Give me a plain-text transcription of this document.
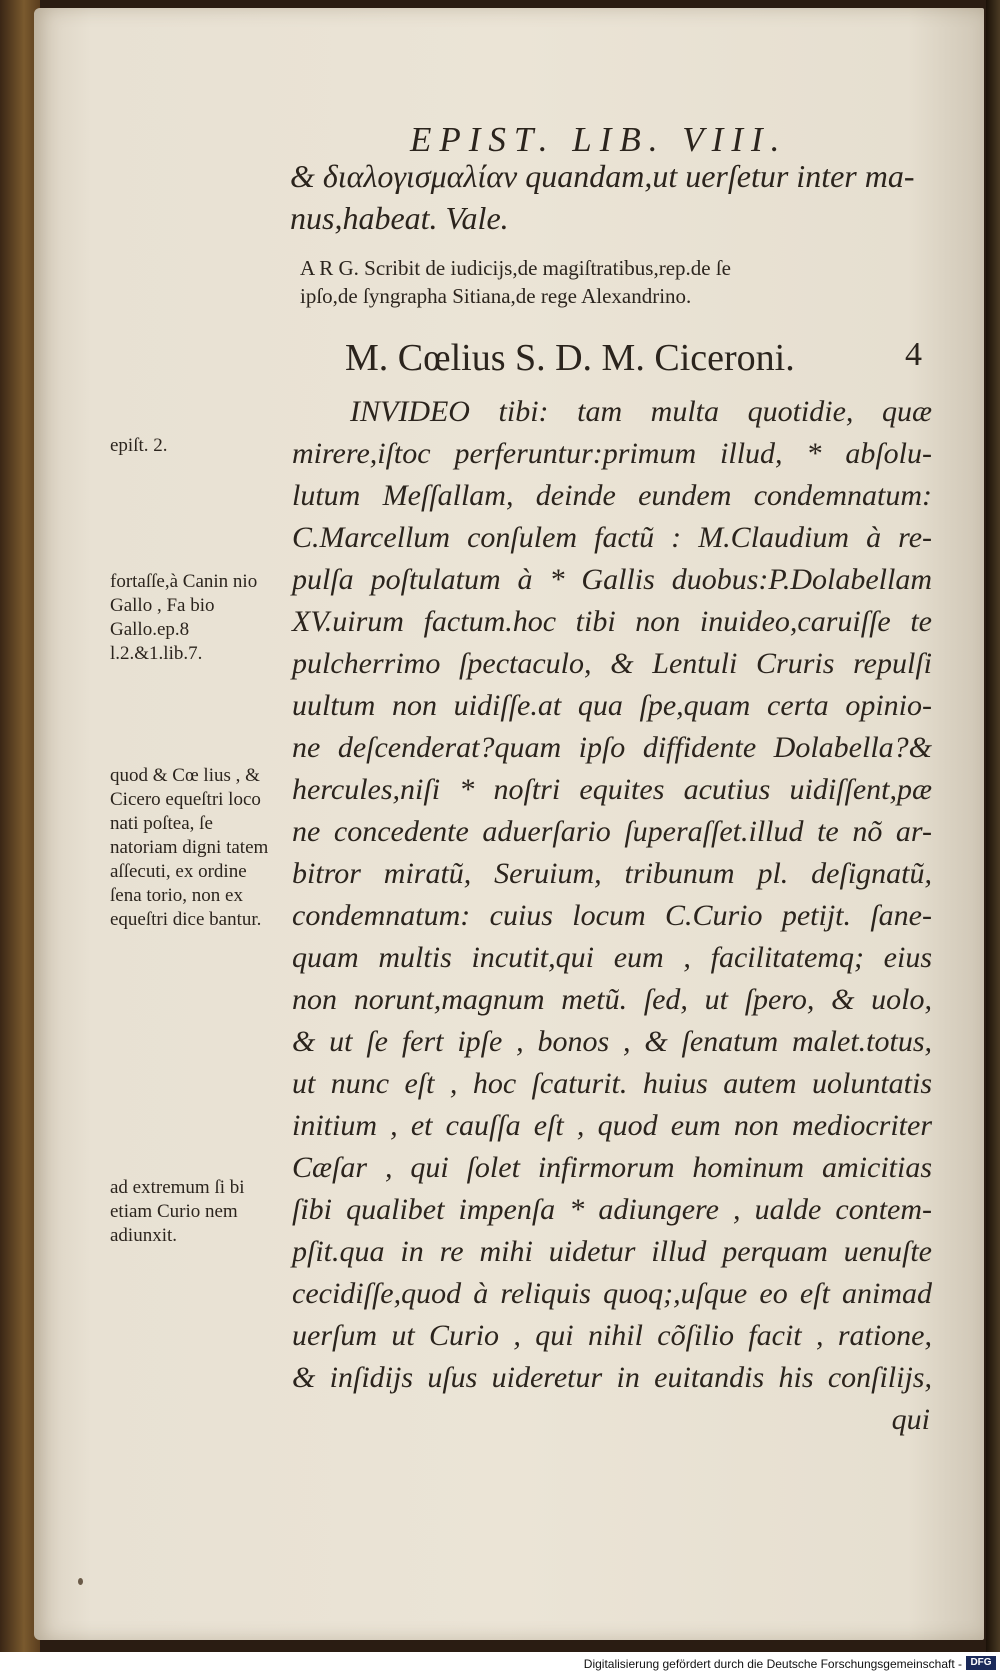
EPIST. LIB. VIII.
& διαλογισμαλίαν quandam,ut uerſetur inter ma-
nus,habeat. Vale.
A R G. Scribit de iudicijs,de magiſtratibus,rep.de ſe
ipſo,de ſyngrapha Sitiana,de rege Alexandrino.
M. Cœlius S. D. M. Ciceroni.	4
INVIDEO tibi: tam multa quotidie, quæ
mirere,iſtoc perferuntur:primum illud, * abſolu-
lutum Meſſallam, deinde eundem condemnatum:
C.Marcellum conſulem factũ : M.Claudium à re-
pulſa poſtulatum à * Gallis duobus:P.Dolabellam
XV.uirum factum.hoc tibi non inuideo,caruiſſe te
pulcherrimo ſpectaculo, & Lentuli Cruris repulſi
uultum non uidiſſe.at qua ſpe,quam certa opinio-
ne deſcenderat?quam ipſo diffidente Dolabella?&
hercules,niſi * noſtri equites acutius uidiſſent,pæ
ne concedente aduerſario ſuperaſſet.illud te nõ ar-
bitror miratũ, Seruium, tribunum pl. deſignatũ,
condemnatum: cuius locum C.Curio petijt. ſane-
quam multis incutit,qui eum , facilitatemq; eius
non norunt,magnum metũ. ſed, ut ſpero, & uolo,
& ut ſe fert ipſe , bonos , & ſenatum malet.totus,
ut nunc eſt , hoc ſcaturit. huius autem uoluntatis
initium , et cauſſa eſt , quod eum non mediocriter
Cæſar , qui ſolet infirmorum hominum amicitias
ſibi qualibet impenſa * adiungere , ualde contem-
pſit.qua in re mihi uidetur illud perquam uenuſte
cecidiſſe,quod à reliquis quoq;,uſque eo eſt animad
uerſum ut Curio , qui nihil cõſilio facit , ratione,
& inſidijs uſus uideretur in euitandis his conſilijs,
qui
epiſt. 2.
fortaſſe,à Canin nio Gallo , Fa bio Gallo.ep.8 l.2.&1.lib.7.
quod & Cœ lius , & Cicero equeſtri loco nati poſtea, ſe natoriam digni tatem aſſecuti, ex ordine ſena torio, non ex equeſtri dice bantur.
ad extremum ſi bi etiam Curio nem adiunxit.
Digitalisierung gefördert durch die Deutsche Forschungsgemeinschaft - DFG
